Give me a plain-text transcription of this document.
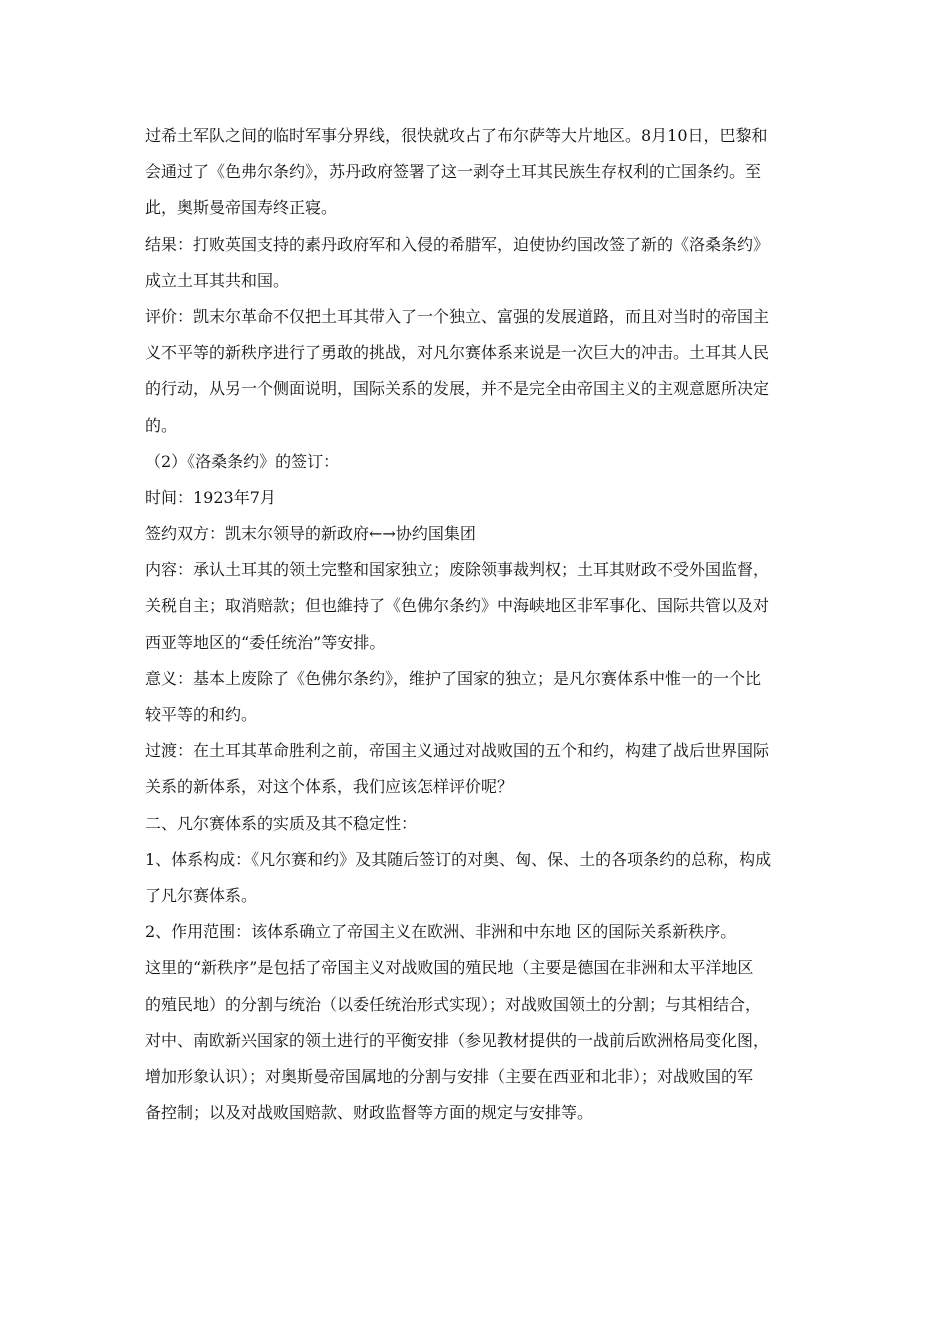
过希土军队之间的临时军事分界线，很快就攻占了布尔萨等大片地区。8月10日，巴黎和
会通过了《色弗尔条约》，苏丹政府签署了这一剥夺土耳其民族生存权利的亡国条约。至
此，奥斯曼帝国寿终正寝。
结果：打败英国支持的素丹政府军和入侵的希腊军，迫使协约国改签了新的《洛桑条约》
成立土耳其共和国。
评价：凯末尔革命不仅把土耳其带入了一个独立、富强的发展道路，而且对当时的帝国主
义不平等的新秩序进行了勇敢的挑战，对凡尔赛体系来说是一次巨大的冲击。土耳其人民
的行动，从另一个侧面说明，国际关系的发展，并不是完全由帝国主义的主观意愿所决定
的。
（2）《洛桑条约》的签订：
时间：1923年7月
签约双方：凯末尔领导的新政府←→协约国集团
内容：承认土耳其的领土完整和国家独立；废除领事裁判权；土耳其财政不受外国监督，
关税自主；取消赔款；但也維持了《色佛尔条约》中海峡地区非军事化、国际共管以及对
西亚等地区的“委任统治”等安排。
意义：基本上废除了《色佛尔条约》，维护了国家的独立；是凡尔赛体系中惟一的一个比
较平等的和约。
过渡：在土耳其革命胜利之前，帝国主义通过对战败国的五个和约，构建了战后世界国际
关系的新体系，对这个体系，我们应该怎样评价呢？
二、凡尔赛体系的实质及其不稳定性：
1、体系构成：《凡尔赛和约》及其随后签订的对奥、匈、保、土的各项条约的总称，构成
了凡尔赛体系。
2、作用范围：该体系确立了帝国主义在欧洲、非洲和中东地 区的国际关系新秩序。
这里的“新秩序”是包括了帝国主义对战败国的殖民地（主要是德国在非洲和太平洋地区
的殖民地）的分割与统治（以委任统治形式实现）；对战败国领土的分割；与其相结合，
对中、南欧新兴国家的领土进行的平衡安排（参见教材提供的一战前后欧洲格局变化图，
增加形象认识）；对奥斯曼帝国属地的分割与安排（主要在西亚和北非）；对战败国的军
备控制；以及对战败国赔款、财政监督等方面的规定与安排等。
